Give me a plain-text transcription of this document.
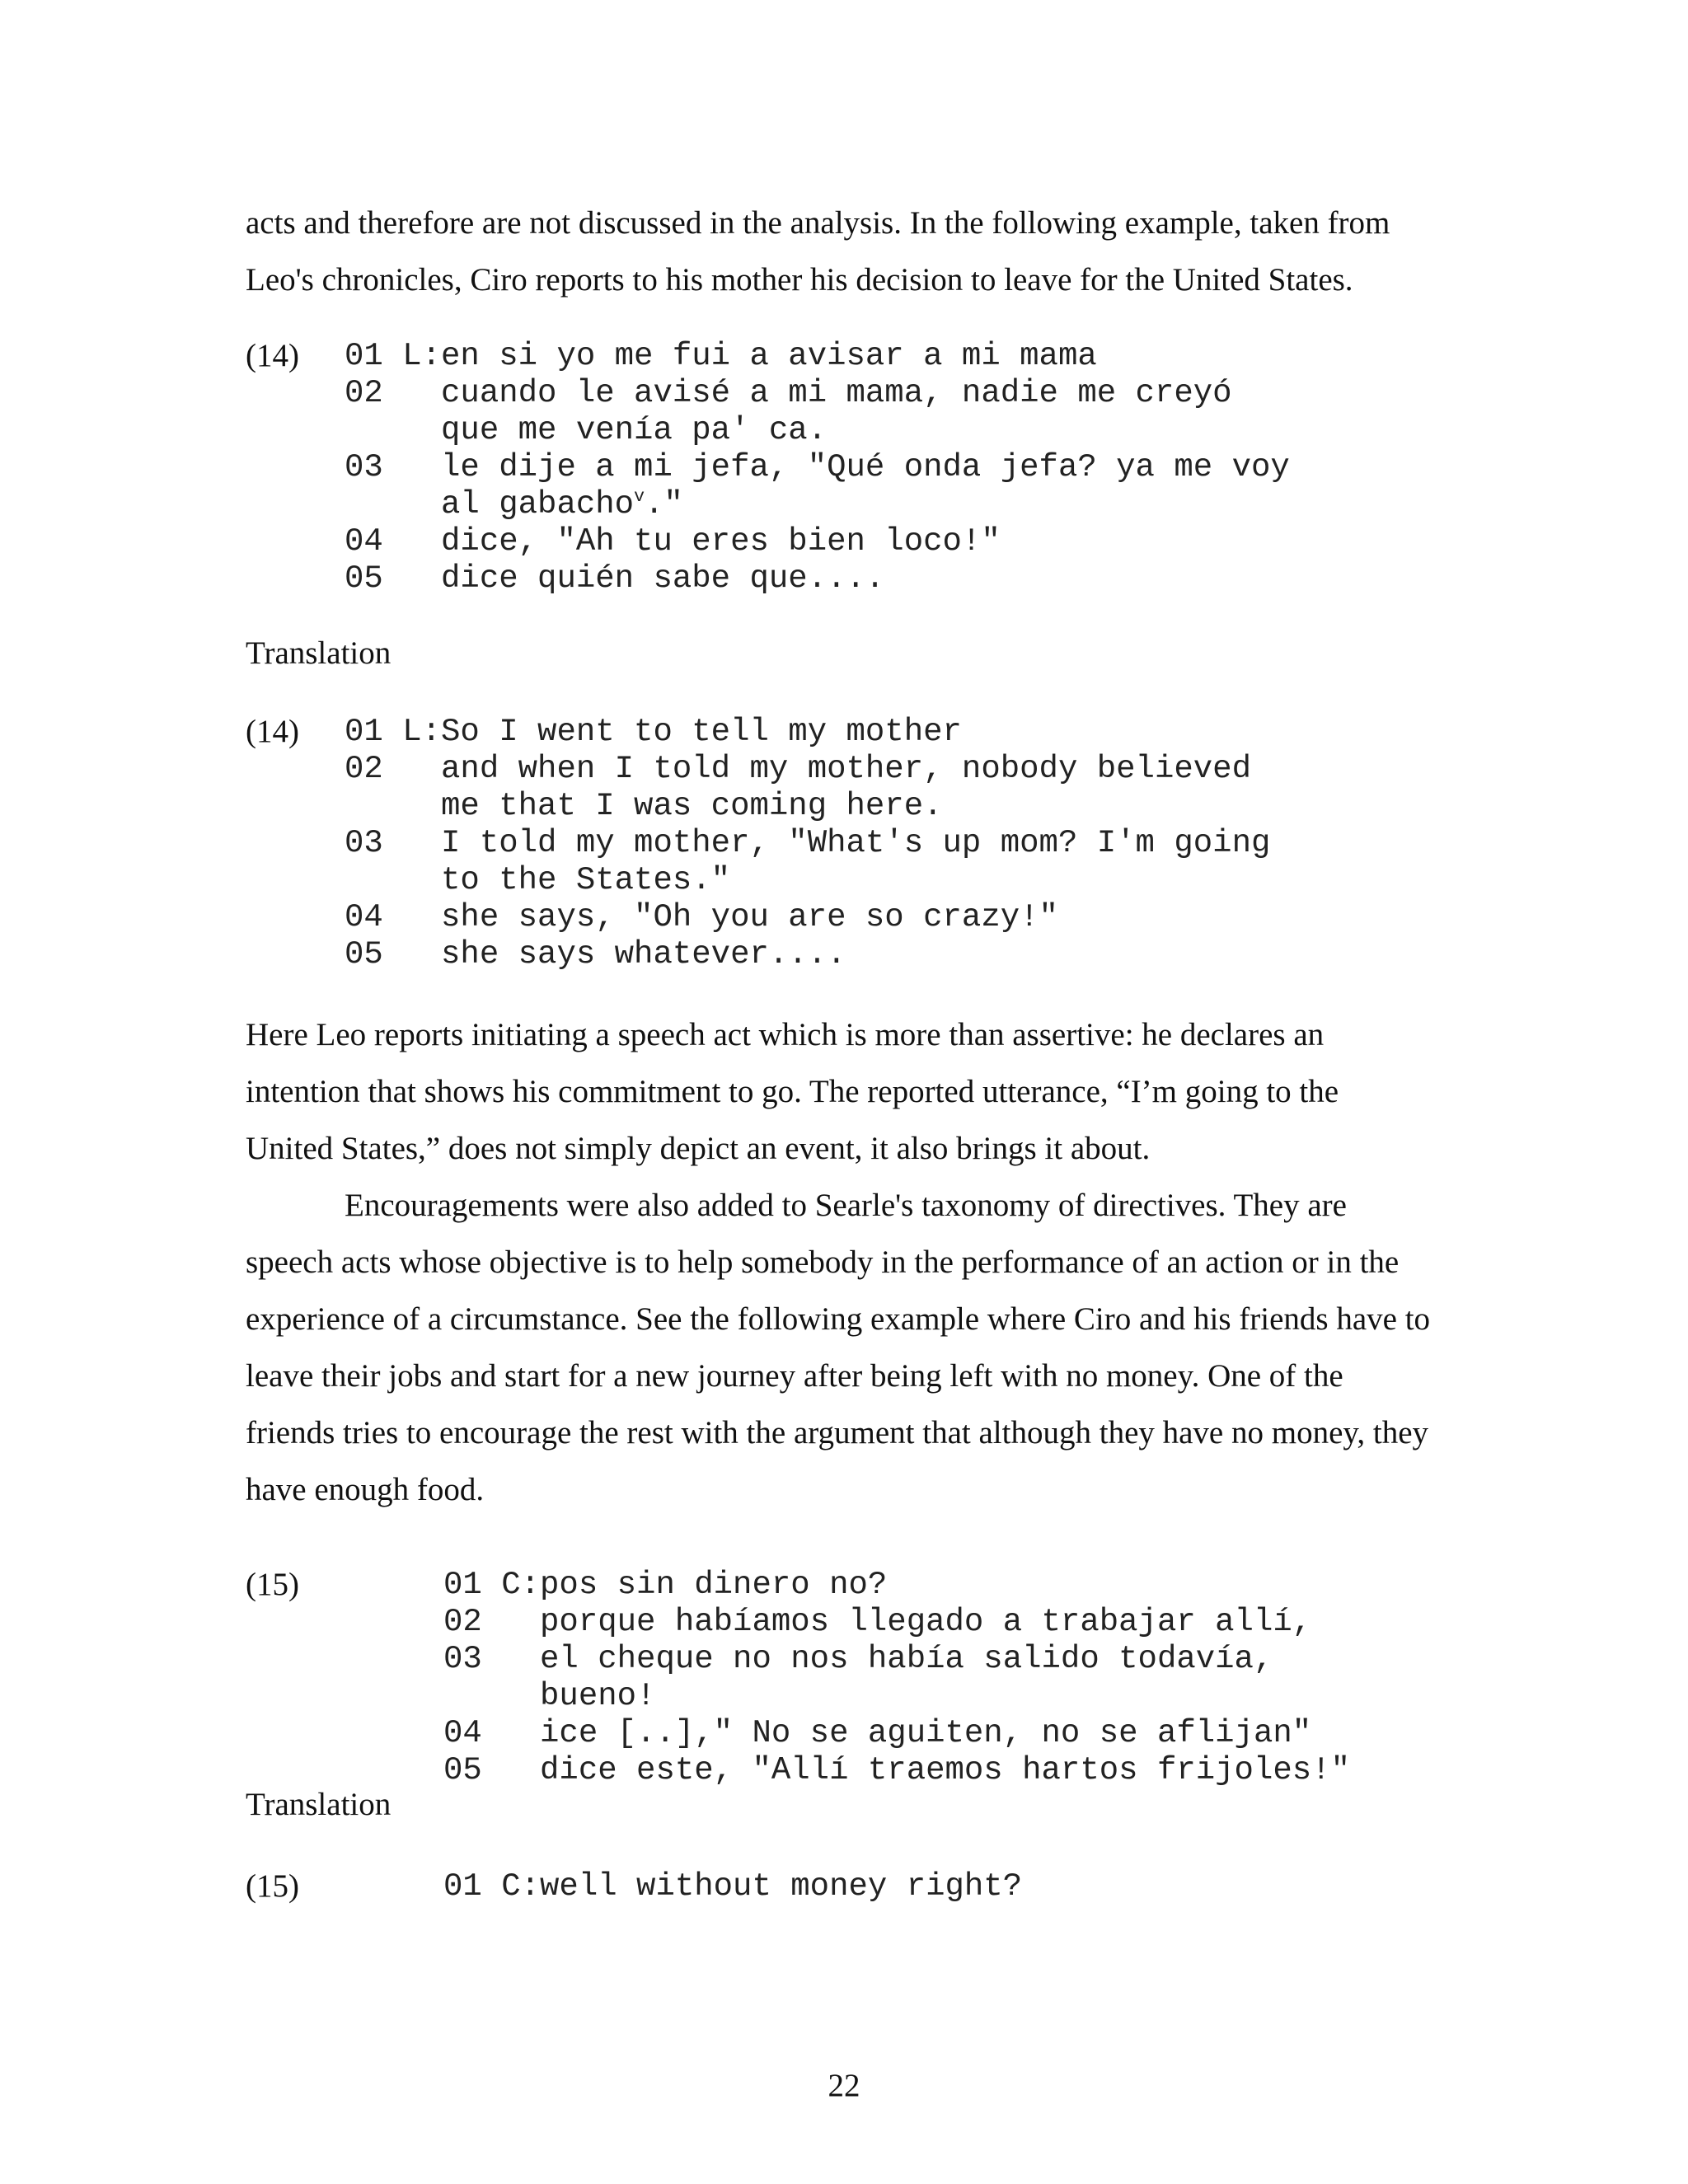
acts and therefore are not discussed in the analysis. In the following example, taken from Leo's chronicles, Ciro reports to his mother his decision to leave for the United States.

(14) 01 L:en si yo me fui a avisar a mi mama
02   cuando le avisé a mi mama, nadie me creyó
que me venía pa' ca.
03   le dije a mi jefa, "Qué onda jefa? ya me voy
al gabacho$^v$."
04   dice, "Ah tu eres bien loco!"
05   dice quién sabe que....

Translation

(14) 01 L:So I went to tell my mother
02   and when I told my mother, nobody believed
me that I was coming here.
03   I told my mother, "What's up mom? I'm going
to the States."
04   she says, "Oh you are so crazy!"
05   she says whatever....

Here Leo reports initiating a speech act which is more than assertive: he declares an intention that shows his commitment to go. The reported utterance, “I’m going to the United States,” does not simply depict an event, it also brings it about.

Encouragements were also added to Searle's taxonomy of directives. They are speech acts whose objective is to help somebody in the performance of an action or in the experience of a circumstance. See the following example where Ciro and his friends have to leave their jobs and start for a new journey after being left with no money. One of the friends tries to encourage the rest with the argument that although they have no money, they have enough food.

(15)	01 C:pos sin dinero no?
02   porque habíamos llegado a trabajar allí,
03   el cheque no nos había salido todavía,
bueno!
04   ice [..]," No se aguiten, no se aflijan"
05   dice este, "Allí traemos hartos frijoles!"

Translation

(15)	01 C:well without money right?
22
